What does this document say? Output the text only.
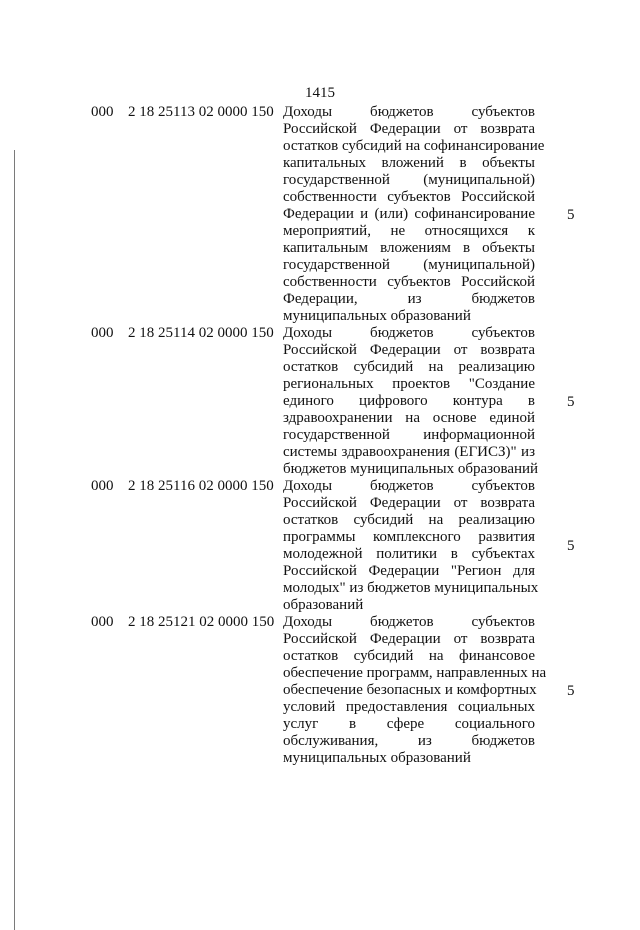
1415
000 2 18 25113 02 0000 150 Доходы бюджетов субъектов
Российской Федерации от возврата
остатков субсидий на софинансирование
капитальных вложений в объекты
государственной (муниципальной)
собственности субъектов Российской
Федерации и (или) софинансирование
мероприятий, не относящихся к
капитальным вложениям в объекты
государственной (муниципальной)
собственности субъектов Российской
Федерации, из бюджетов
муниципальных образований
5
000 2 18 25114 02 0000 150 Доходы бюджетов субъектов
Российской Федерации от возврата
остатков субсидий на реализацию
региональных проектов "Создание
единого цифрового контура в
здравоохранении на основе единой
государственной информационной
системы здравоохранения (ЕГИСЗ)" из
бюджетов муниципальных образований
5
000 2 18 25116 02 0000 150 Доходы бюджетов субъектов
Российской Федерации от возврата
остатков субсидий на реализацию
программы комплексного развития
молодежной политики в субъектах
Российской Федерации "Регион для
молодых" из бюджетов муниципальных
образований
5
000 2 18 25121 02 0000 150 Доходы бюджетов субъектов
Российской Федерации от возврата
остатков субсидий на финансовое
обеспечение программ, направленных на
обеспечение безопасных и комфортных
условий предоставления социальных
услуг в сфере социального
обслуживания, из бюджетов
муниципальных образований
5
